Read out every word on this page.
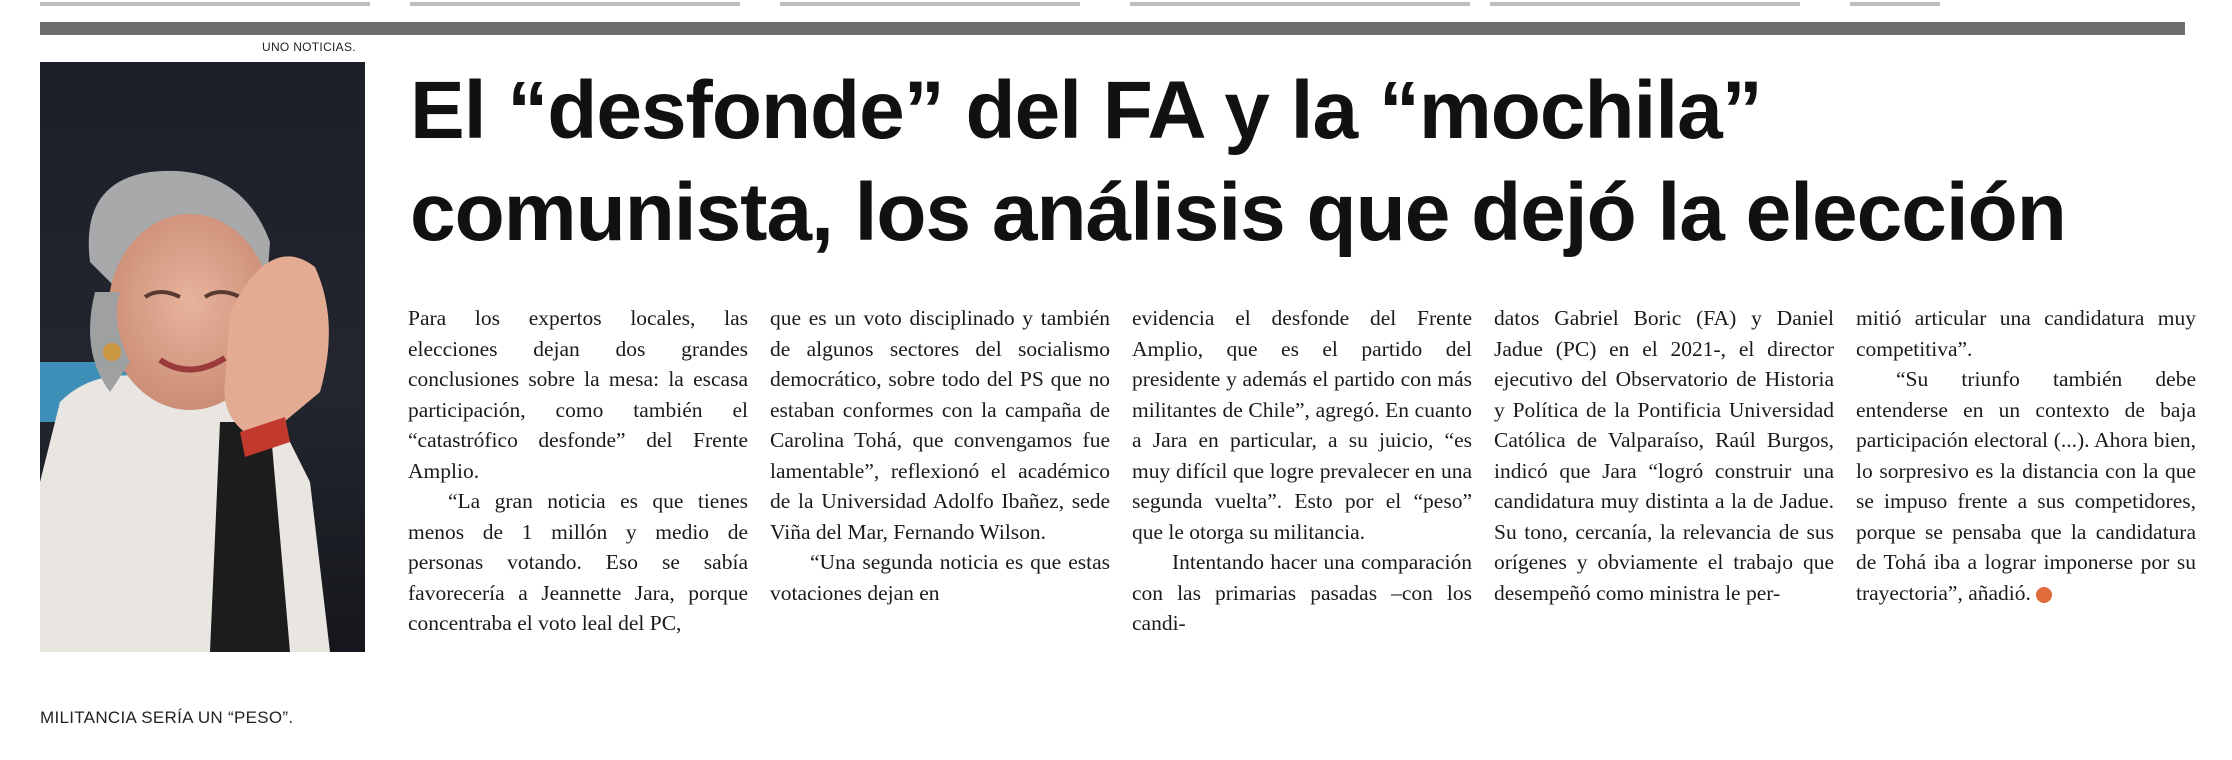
UNO NOTICIAS.
MILITANCIA SERÍA UN “PESO”.
El “desfonde” del FA y la “mochila”
comunista, los análisis que dejó la elección

Para los expertos locales, las elecciones dejan dos grandes conclusiones sobre la mesa: la escasa participación, como también el “catastrófico desfonde” del Frente Amplio.

“La gran noticia es que tienes menos de 1 millón y medio de personas votando. Eso se sabía favorecería a Jeannette Jara, porque concentraba el voto leal del PC,

que es un voto disciplinado y también de algunos sectores del socialismo democrático, sobre todo del PS que no estaban conformes con la campaña de Carolina Tohá, que convengamos fue lamentable”, reflexionó el académico de la Universidad Adolfo Ibañez, sede Viña del Mar, Fernando Wilson.

“Una segunda noticia es que estas votaciones dejan en

evidencia el desfonde del Frente Amplio, que es el partido del presidente y además el partido con más militantes de Chile”, agregó. En cuanto a Jara en particular, a su juicio, “es muy difícil que logre prevalecer en una segunda vuelta”. Esto por el “peso” que le otorga su militancia.

Intentando hacer una comparación con las primarias pasadas –con los candi-

datos Gabriel Boric (FA) y Daniel Jadue (PC) en el 2021-, el director ejecutivo del Observatorio de Historia y Política de la Pontificia Universidad Católica de Valparaíso, Raúl Burgos, indicó que Jara “logró construir una candidatura muy distinta a la de Jadue. Su tono, cercanía, la relevancia de sus orígenes y obviamente el trabajo que desempeñó como ministra le per-

mitió articular una candidatura muy competitiva”.

“Su triunfo también debe entenderse en un contexto de baja participación electoral (...). Ahora bien, lo sorpresivo es la distancia con la que se impuso frente a sus competidores, porque se pensaba que la candidatura de Tohá iba a lograr imponerse por su trayectoria”, añadió.	✚
